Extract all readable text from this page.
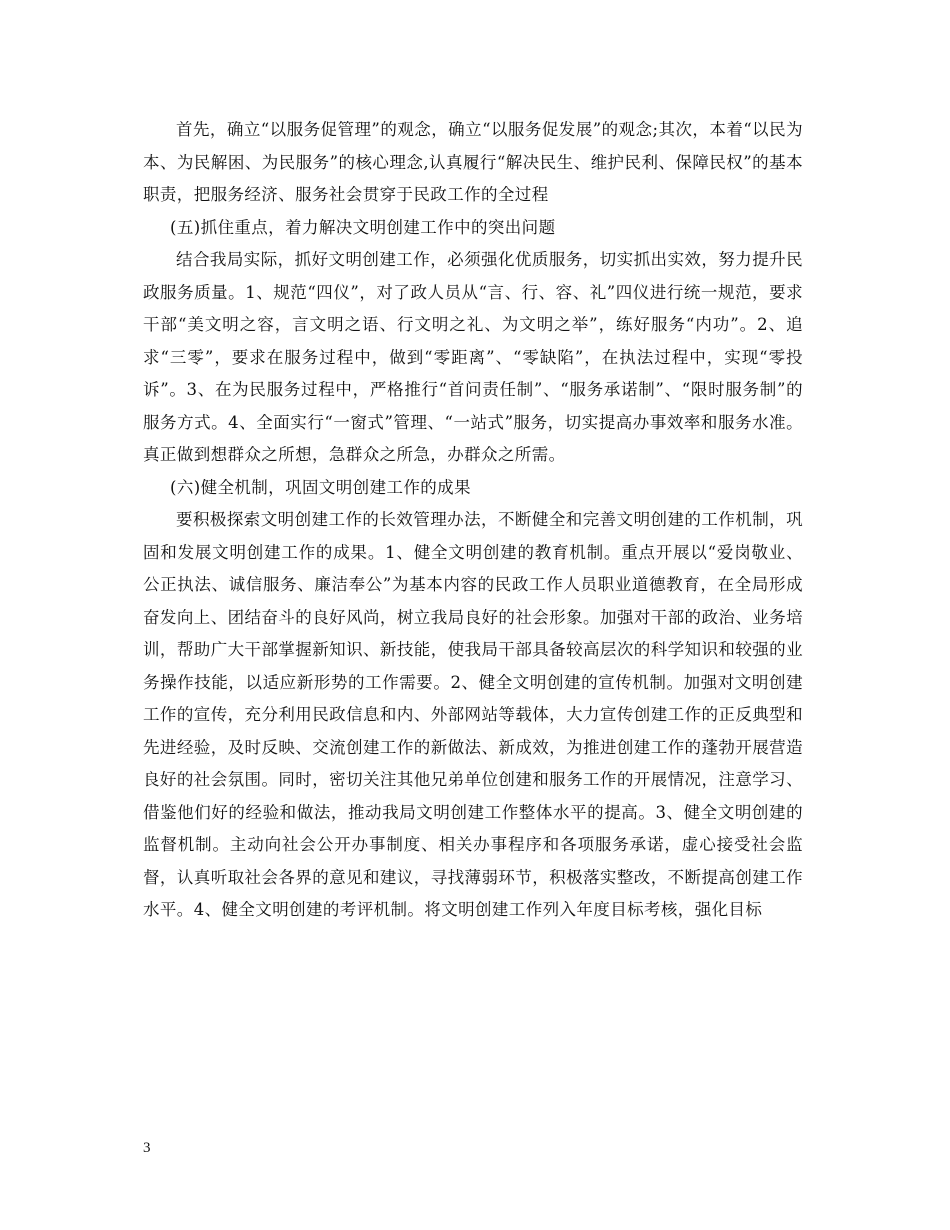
首先，确立“以服务促管理”的观念，确立“以服务促发展”的观念;其次，本着“以民为本、为民解困、为民服务”的核心理念,认真履行“解决民生、维护民利、保障民权”的基本职责，把服务经济、服务社会贯穿于民政工作的全过程

(五)抓住重点，着力解决文明创建工作中的突出问题

结合我局实际，抓好文明创建工作，必须强化优质服务，切实抓出实效，努力提升民政服务质量。1、规范“四仪”，对了政人员从“言、行、容、礼”四仪进行统一规范，要求干部“美文明之容，言文明之语、行文明之礼、为文明之举”，练好服务“内功”。2、追求“三零”，要求在服务过程中，做到“零距离”、“零缺陷”，在执法过程中，实现“零投诉”。3、在为民服务过程中，严格推行“首问责任制”、“服务承诺制”、“限时服务制”的服务方式。4、全面实行“一窗式”管理、“一站式”服务，切实提高办事效率和服务水准。真正做到想群众之所想，急群众之所急，办群众之所需。

(六)健全机制，巩固文明创建工作的成果

要积极探索文明创建工作的长效管理办法，不断健全和完善文明创建的工作机制，巩固和发展文明创建工作的成果。1、健全文明创建的教育机制。重点开展以“爱岗敬业、公正执法、诚信服务、廉洁奉公”为基本内容的民政工作人员职业道德教育，在全局形成奋发向上、团结奋斗的良好风尚，树立我局良好的社会形象。加强对干部的政治、业务培训，帮助广大干部掌握新知识、新技能，使我局干部具备较高层次的科学知识和较强的业务操作技能，以适应新形势的工作需要。2、健全文明创建的宣传机制。加强对文明创建工作的宣传，充分利用民政信息和内、外部网站等载体，大力宣传创建工作的正反典型和先进经验，及时反映、交流创建工作的新做法、新成效，为推进创建工作的蓬勃开展营造良好的社会氛围。同时，密切关注其他兄弟单位创建和服务工作的开展情况，注意学习、借鉴他们好的经验和做法，推动我局文明创建工作整体水平的提高。3、健全文明创建的监督机制。主动向社会公开办事制度、相关办事程序和各项服务承诺，虚心接受社会监督，认真听取社会各界的意见和建议，寻找薄弱环节，积极落实整改，不断提高创建工作水平。4、健全文明创建的考评机制。将文明创建工作列入年度目标考核，强化目标

3
